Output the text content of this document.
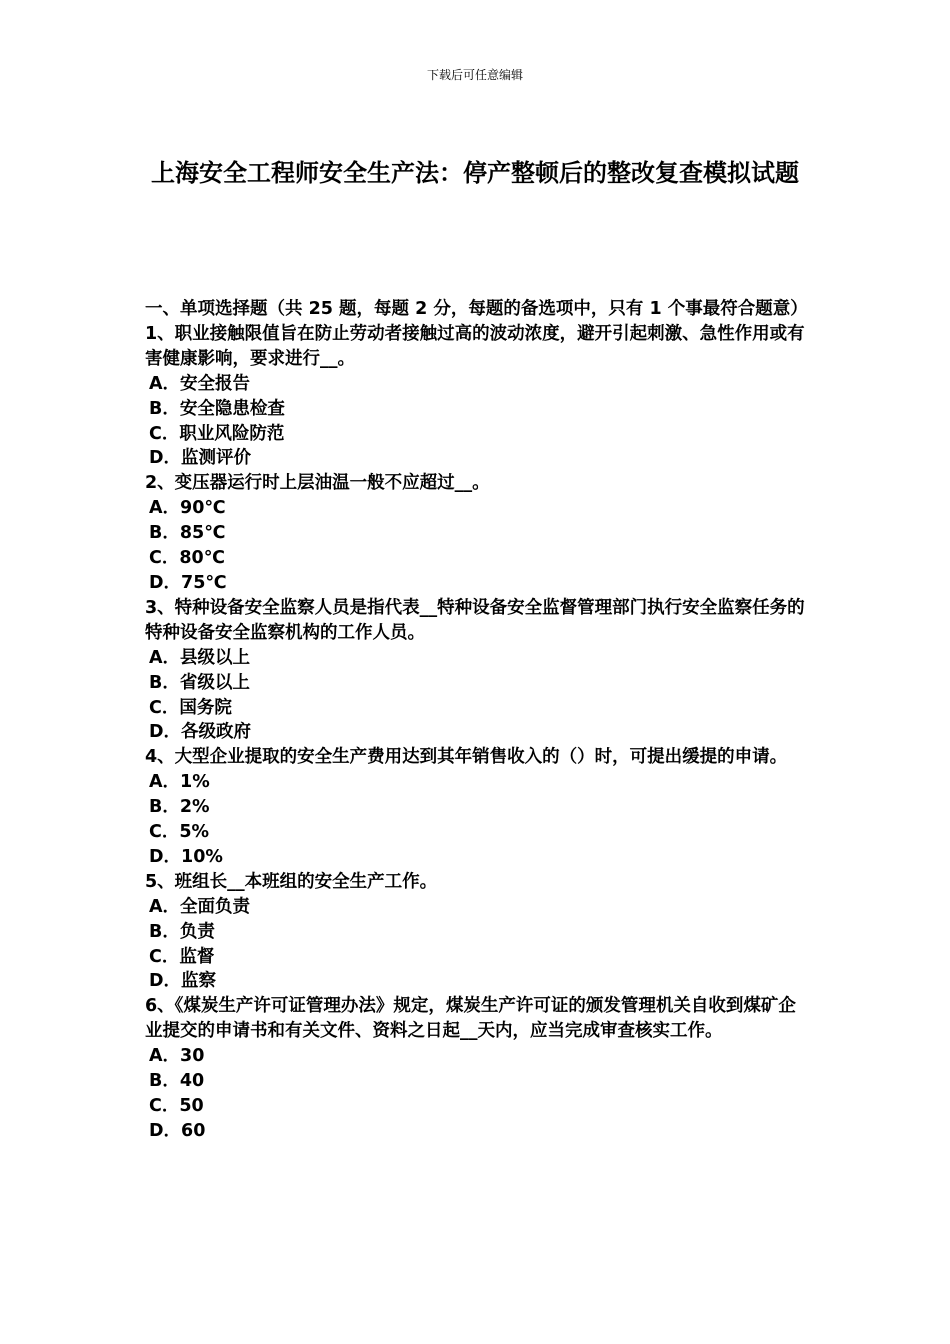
下载后可任意编辑
上海安全工程师安全生产法：停产整顿后的整改复查模拟试题

一、单项选择题（共 25 题，每题 2 分，每题的备选项中，只有 1 个事最符合题意）

1、职业接触限值旨在防止劳动者接触过高的波动浓度，避开引起刺激、急性作用或有害健康影响，要求进行__。

A．安全报告

B．安全隐患检查

C．职业风险防范

D．监测评价

2、变压器运行时上层油温一般不应超过__。

A．90℃

B．85℃

C．80℃

D．75℃

3、特种设备安全监察人员是指代表__特种设备安全监督管理部门执行安全监察任务的特种设备安全监察机构的工作人员。

A．县级以上

B．省级以上

C．国务院

D．各级政府

4、大型企业提取的安全生产费用达到其年销售收入的（）时，可提出缓提的申请。

A．1%

B．2%

C．5%

D．10%

5、班组长__本班组的安全生产工作。

A．全面负责

B．负责

C．监督

D．监察

6、《煤炭生产许可证管理办法》规定，煤炭生产许可证的颁发管理机关自收到煤矿企业提交的申请书和有关文件、资料之日起__天内，应当完成审查核实工作。

A．30

B．40

C．50

D．60
